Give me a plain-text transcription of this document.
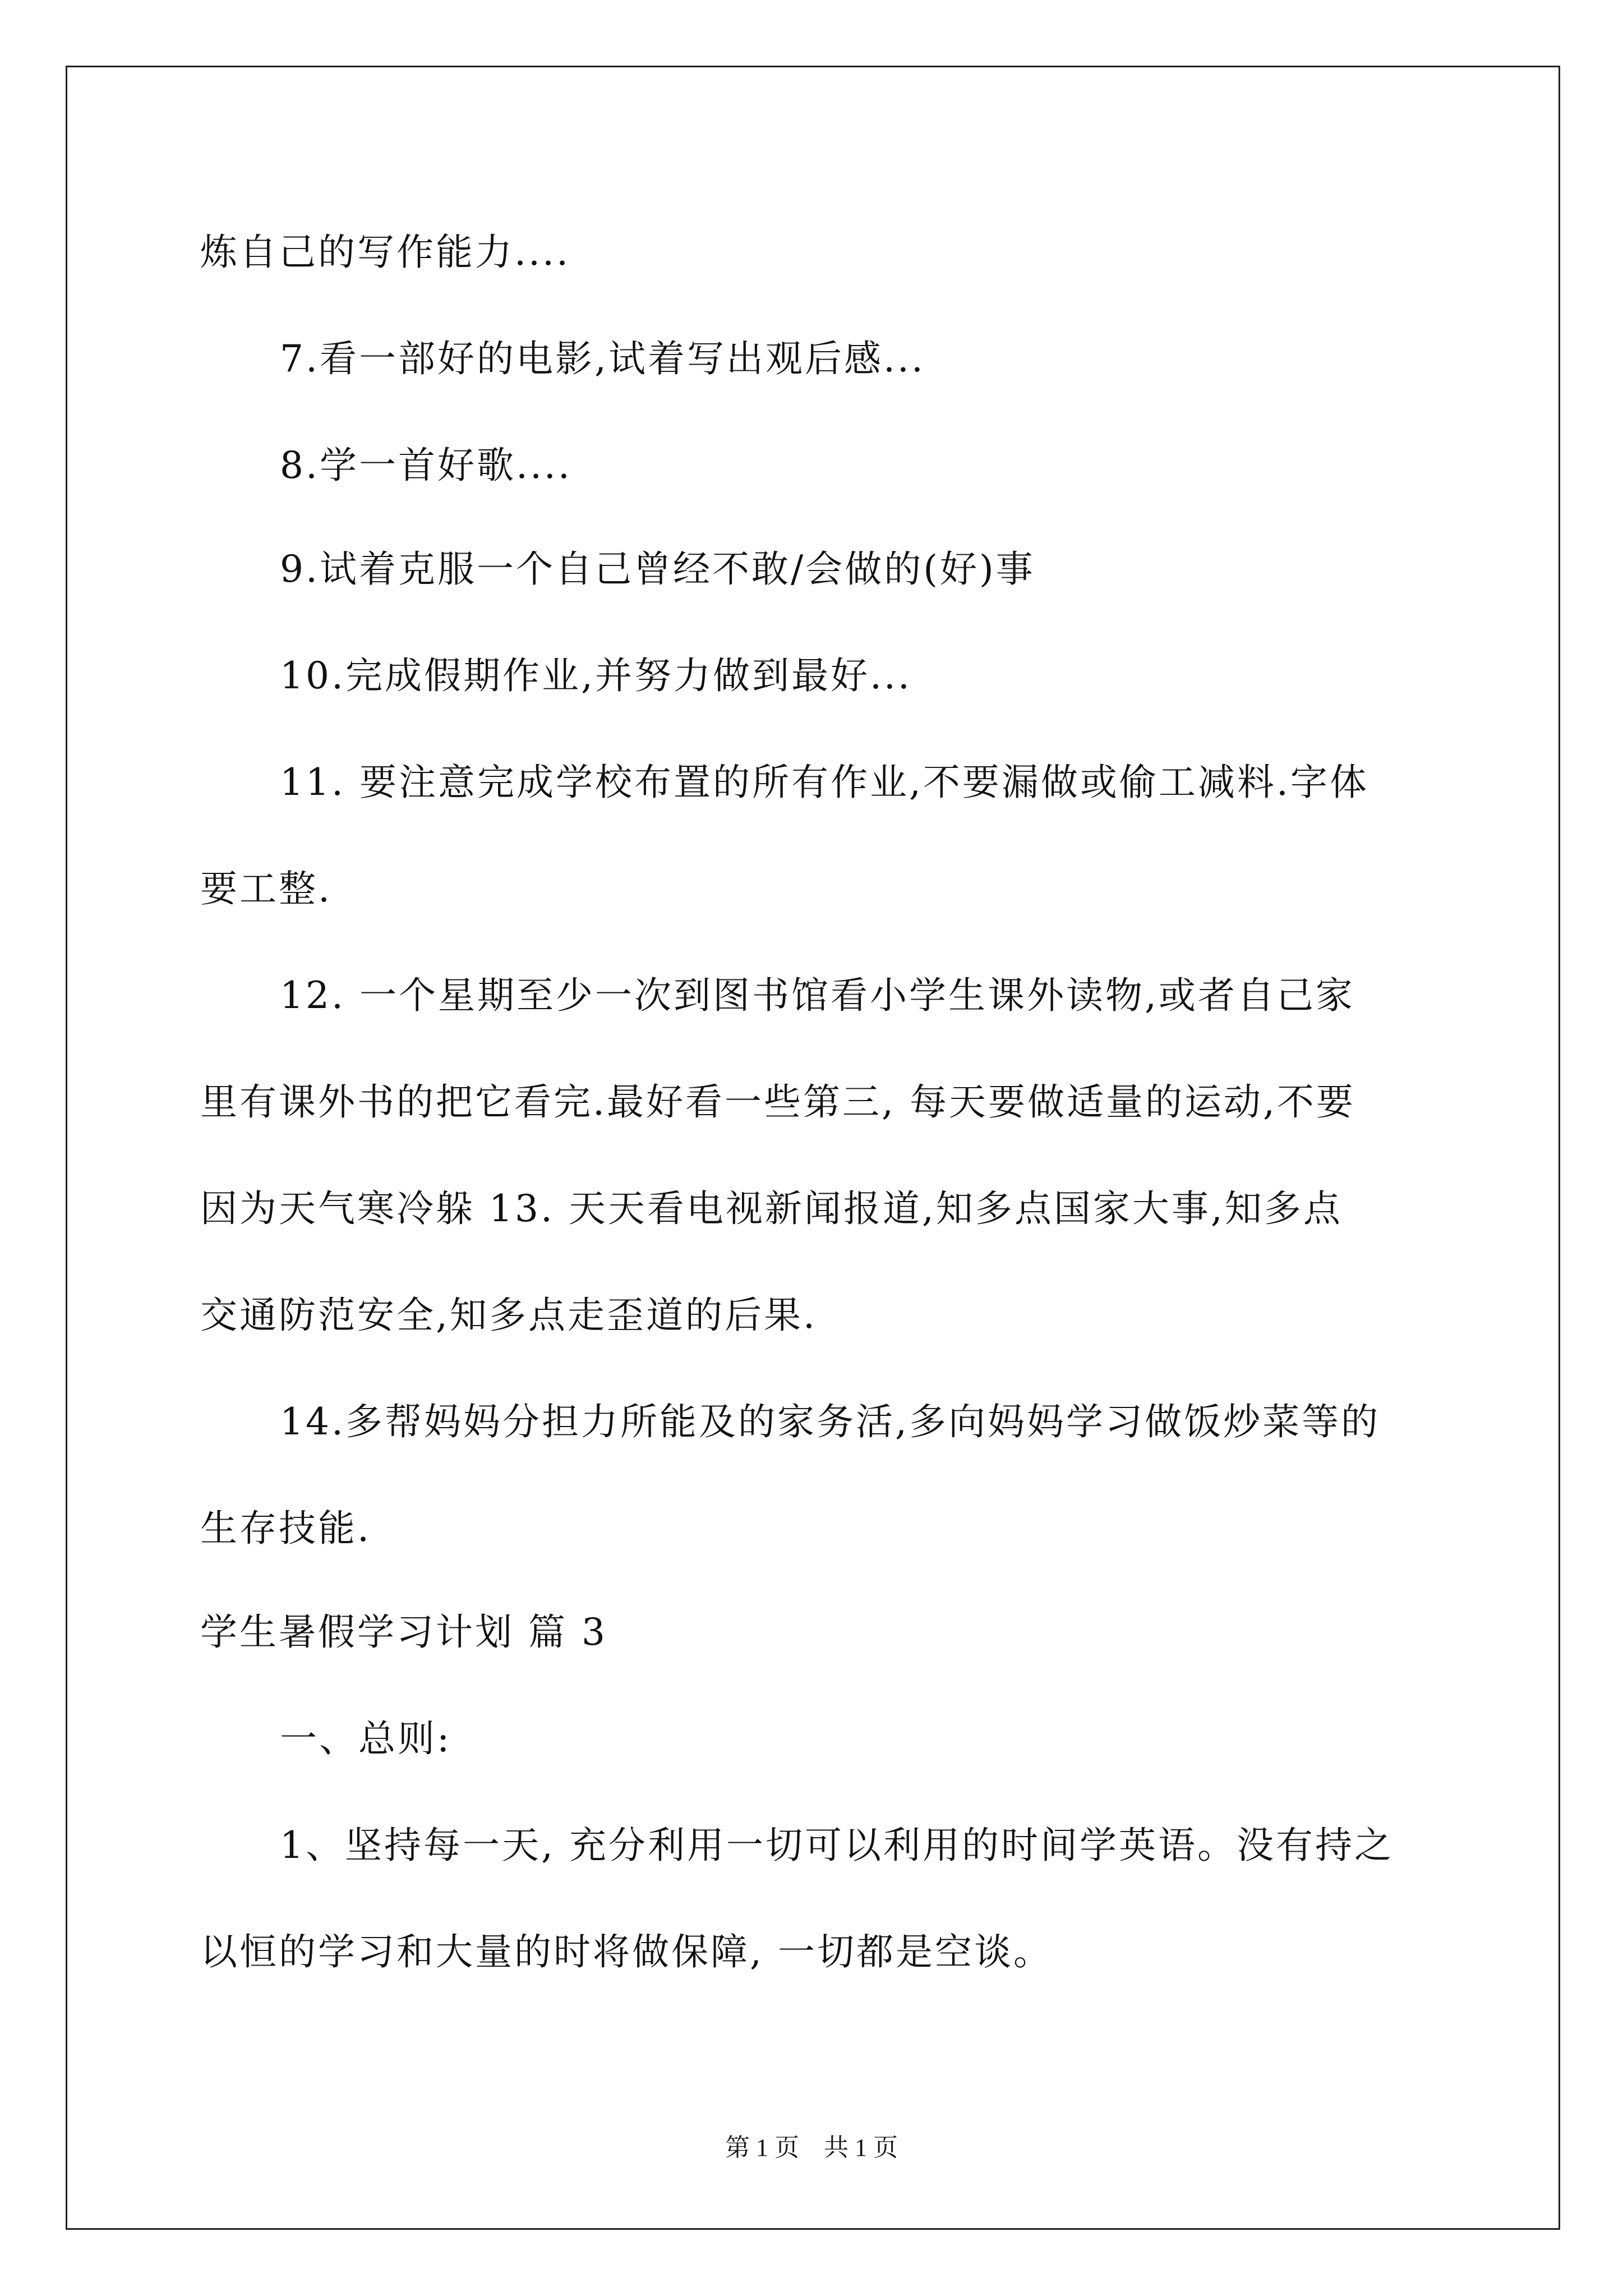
炼自己的写作能力....
7.看一部好的电影,试着写出观后感...
8.学一首好歌....
9.试着克服一个自己曾经不敢/会做的(好)事
10.完成假期作业,并努力做到最好...
11. 要注意完成学校布置的所有作业,不要漏做或偷工减料.字体
要工整.
12. 一个星期至少一次到图书馆看小学生课外读物,或者自己家
里有课外书的把它看完.最好看一些第三, 每天要做适量的运动,不要
因为天气寒冷躲 13. 天天看电视新闻报道,知多点国家大事,知多点
交通防范安全,知多点走歪道的后果.
14.多帮妈妈分担力所能及的家务活,多向妈妈学习做饭炒菜等的
生存技能.
学生暑假学习计划 篇 3
一、总则:
1、坚持每一天, 充分利用一切可以利用的时间学英语。没有持之
以恒的学习和大量的时将做保障, 一切都是空谈。
第 1 页　共 1 页
